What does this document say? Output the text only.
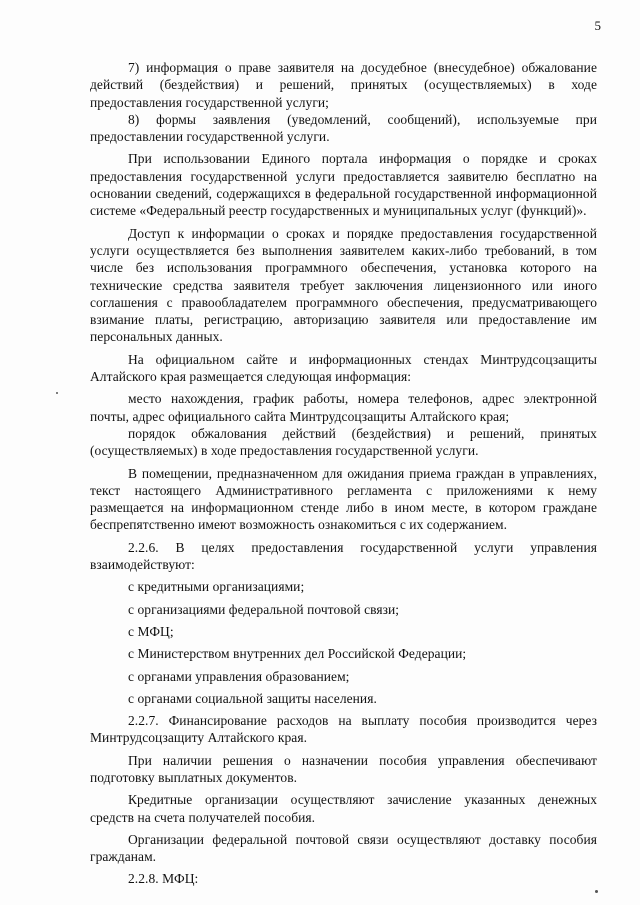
5

7) информация о праве заявителя на досудебное (внесудебное) обжалование действий (бездействия) и решений, принятых (осуществляемых) в ходе предоставления государственной услуги;

8) формы заявления (уведомлений, сообщений), используемые при предоставлении государственной услуги.

При использовании Единого портала информация о порядке и сроках предоставления государственной услуги предоставляется заявителю бесплатно на основании сведений, содержащихся в федеральной государственной информационной системе «Федеральный реестр государственных и муниципальных услуг (функций)».

Доступ к информации о сроках и порядке предоставления государственной услуги осуществляется без выполнения заявителем каких-либо требований, в том числе без использования программного обеспечения, установка которого на технические средства заявителя требует заключения лицензионного или иного соглашения с правообладателем программного обеспечения, предусматривающего взимание платы, регистрацию, авторизацию заявителя или предоставление им персональных данных.

На официальном сайте и информационных стендах Минтрудсоцзащиты Алтайского края размещается следующая информация:

место нахождения, график работы, номера телефонов, адрес электронной почты, адрес официального сайта Минтрудсоцзащиты Алтайского края;

порядок обжалования действий (бездействия) и решений, принятых (осуществляемых) в ходе предоставления государственной услуги.

В помещении, предназначенном для ожидания приема граждан в управлениях, текст настоящего Административного регламента с приложениями к нему размещается на информационном стенде либо в ином месте, в котором граждане беспрепятственно имеют возможность ознакомиться с их содержанием.

2.2.6. В целях предоставления государственной услуги управления взаимодействуют:

с кредитными организациями;

с организациями федеральной почтовой связи;

с МФЦ;

с Министерством внутренних дел Российской Федерации;

с органами управления образованием;

с органами социальной защиты населения.

2.2.7. Финансирование расходов на выплату пособия производится через Минтрудсоцзащиту Алтайского края.

При наличии решения о назначении пособия управления обеспечивают подготовку выплатных документов.

Кредитные организации осуществляют зачисление указанных денежных средств на счета получателей пособия.

Организации федеральной почтовой связи осуществляют доставку пособия гражданам.

2.2.8. МФЦ:
